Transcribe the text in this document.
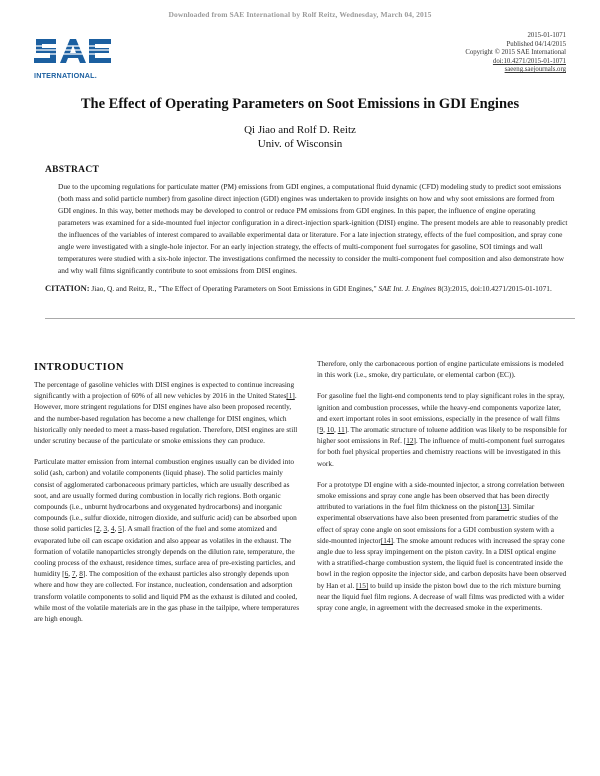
Downloaded from SAE International by Rolf Reitz, Wednesday, March 04, 2015
INTERNATIONAL.
2015-01-1071
Published 04/14/2015
Copyright © 2015 SAE International
doi:10.4271/2015-01-1071
saeeng.saejournals.org
The Effect of Operating Parameters on Soot Emissions in GDI Engines
Qi Jiao and Rolf D. Reitz
Univ. of Wisconsin
ABSTRACT
Due to the upcoming regulations for particulate matter (PM) emissions from GDI engines, a computational fluid dynamic (CFD) modeling study to predict soot emissions (both mass and solid particle number) from gasoline direct injection (GDI) engines was undertaken to provide insights on how and why soot emissions are formed from GDI engines. In this way, better methods may be developed to control or reduce PM emissions from GDI engines. In this paper, the influence of engine operating parameters was examined for a side-mounted fuel injector configuration in a direct-injection spark-ignition (DISI) engine. The present models are able to reasonably predict the influences of the variables of interest compared to available experimental data or literature. For a late injection strategy, effects of the fuel composition, and spray cone angle were investigated with a single-hole injector. For an early injection strategy, the effects of multi-component fuel surrogates for gasoline, SOI timings and wall temperatures were studied with a six-hole injector. The investigations confirmed the necessity to consider the multi-component fuel composition and also demonstrate how and why wall films significantly contribute to soot emissions from DISI engines.
CITATION: Jiao, Q. and Reitz, R., "The Effect of Operating Parameters on Soot Emissions in GDI Engines," SAE Int. J. Engines 8(3):2015, doi:10.4271/2015-01-1071.
INTRODUCTION

The percentage of gasoline vehicles with DISI engines is expected to continue increasing significantly with a projection of 60% of all new vehicles by 2016 in the United States[1]. However, more stringent regulations for DISI engines have also been proposed recently, and the number-based regulation has become a new challenge for DISI engines, which historically only needed to meet a mass-based regulation. Therefore, DISI engines are still under scrutiny because of the particulate or smoke emissions they can produce.

Particulate matter emission from internal combustion engines usually can be divided into solid (ash, carbon) and volatile components (liquid phase). The solid particles mainly consist of agglomerated carbonaceous primary particles, which are usually described as soot, and are usually formed during combustion in locally rich regions. Both organic compounds (i.e., unburnt hydrocarbons and oxygenated hydrocarbons) and inorganic compounds (i.e., sulfur dioxide, nitrogen dioxide, and sulfuric acid) can be absorbed upon those solid particles [2, 3, 4, 5]. A small fraction of the fuel and some atomized and evaporated lube oil can escape oxidation and also appear as volatiles in the exhaust. The formation of volatile nanoparticles strongly depends on the dilution rate, temperature, the cooling process of the exhaust, residence times, surface area of pre-existing particles, and humidity [6, 7, 8]. The composition of the exhaust particles also strongly depends upon where and how they are collected. For instance, nucleation, condensation and adsorption transform volatile components to solid and liquid PM as the exhaust is diluted and cooled, while most of the volatile materials are in the gas phase in the tailpipe, where temperatures are high enough.

Therefore, only the carbonaceous portion of engine particulate emissions is modeled in this work (i.e., smoke, dry particulate, or elemental carbon (EC)).

For gasoline fuel the light-end components tend to play significant roles in the spray, ignition and combustion processes, while the heavy-end components vaporize later, and exert important roles in soot emissions, especially in the presence of wall films [9, 10, 11]. The aromatic structure of toluene addition was likely to be responsible for higher soot emissions in Ref. [12]. The influence of multi-component fuel surrogates for both fuel physical properties and chemistry reactions will be investigated in this work.

For a prototype DI engine with a side-mounted injector, a strong correlation between smoke emissions and spray cone angle has been observed that has been directly attributed to variations in the fuel film thickness on the piston[13]. Similar experimental observations have also been presented from parametric studies of the effect of spray cone angle on soot emissions for a GDI combustion system with a side-mounted injector[14]. The smoke amount reduces with increased the spray cone angle due to less spray impingement on the piston cavity. In a DISI optical engine with a stratified-charge combustion system, the liquid fuel is concentrated inside the bowl in the region opposite the injector side, and carbon deposits have been observed by Han et al. [15] to build up inside the piston bowl due to the rich mixture burning near the liquid fuel film regions. A decrease of wall films was predicted with a wider spray cone angle, in agreement with the decreased smoke in the experiments.
